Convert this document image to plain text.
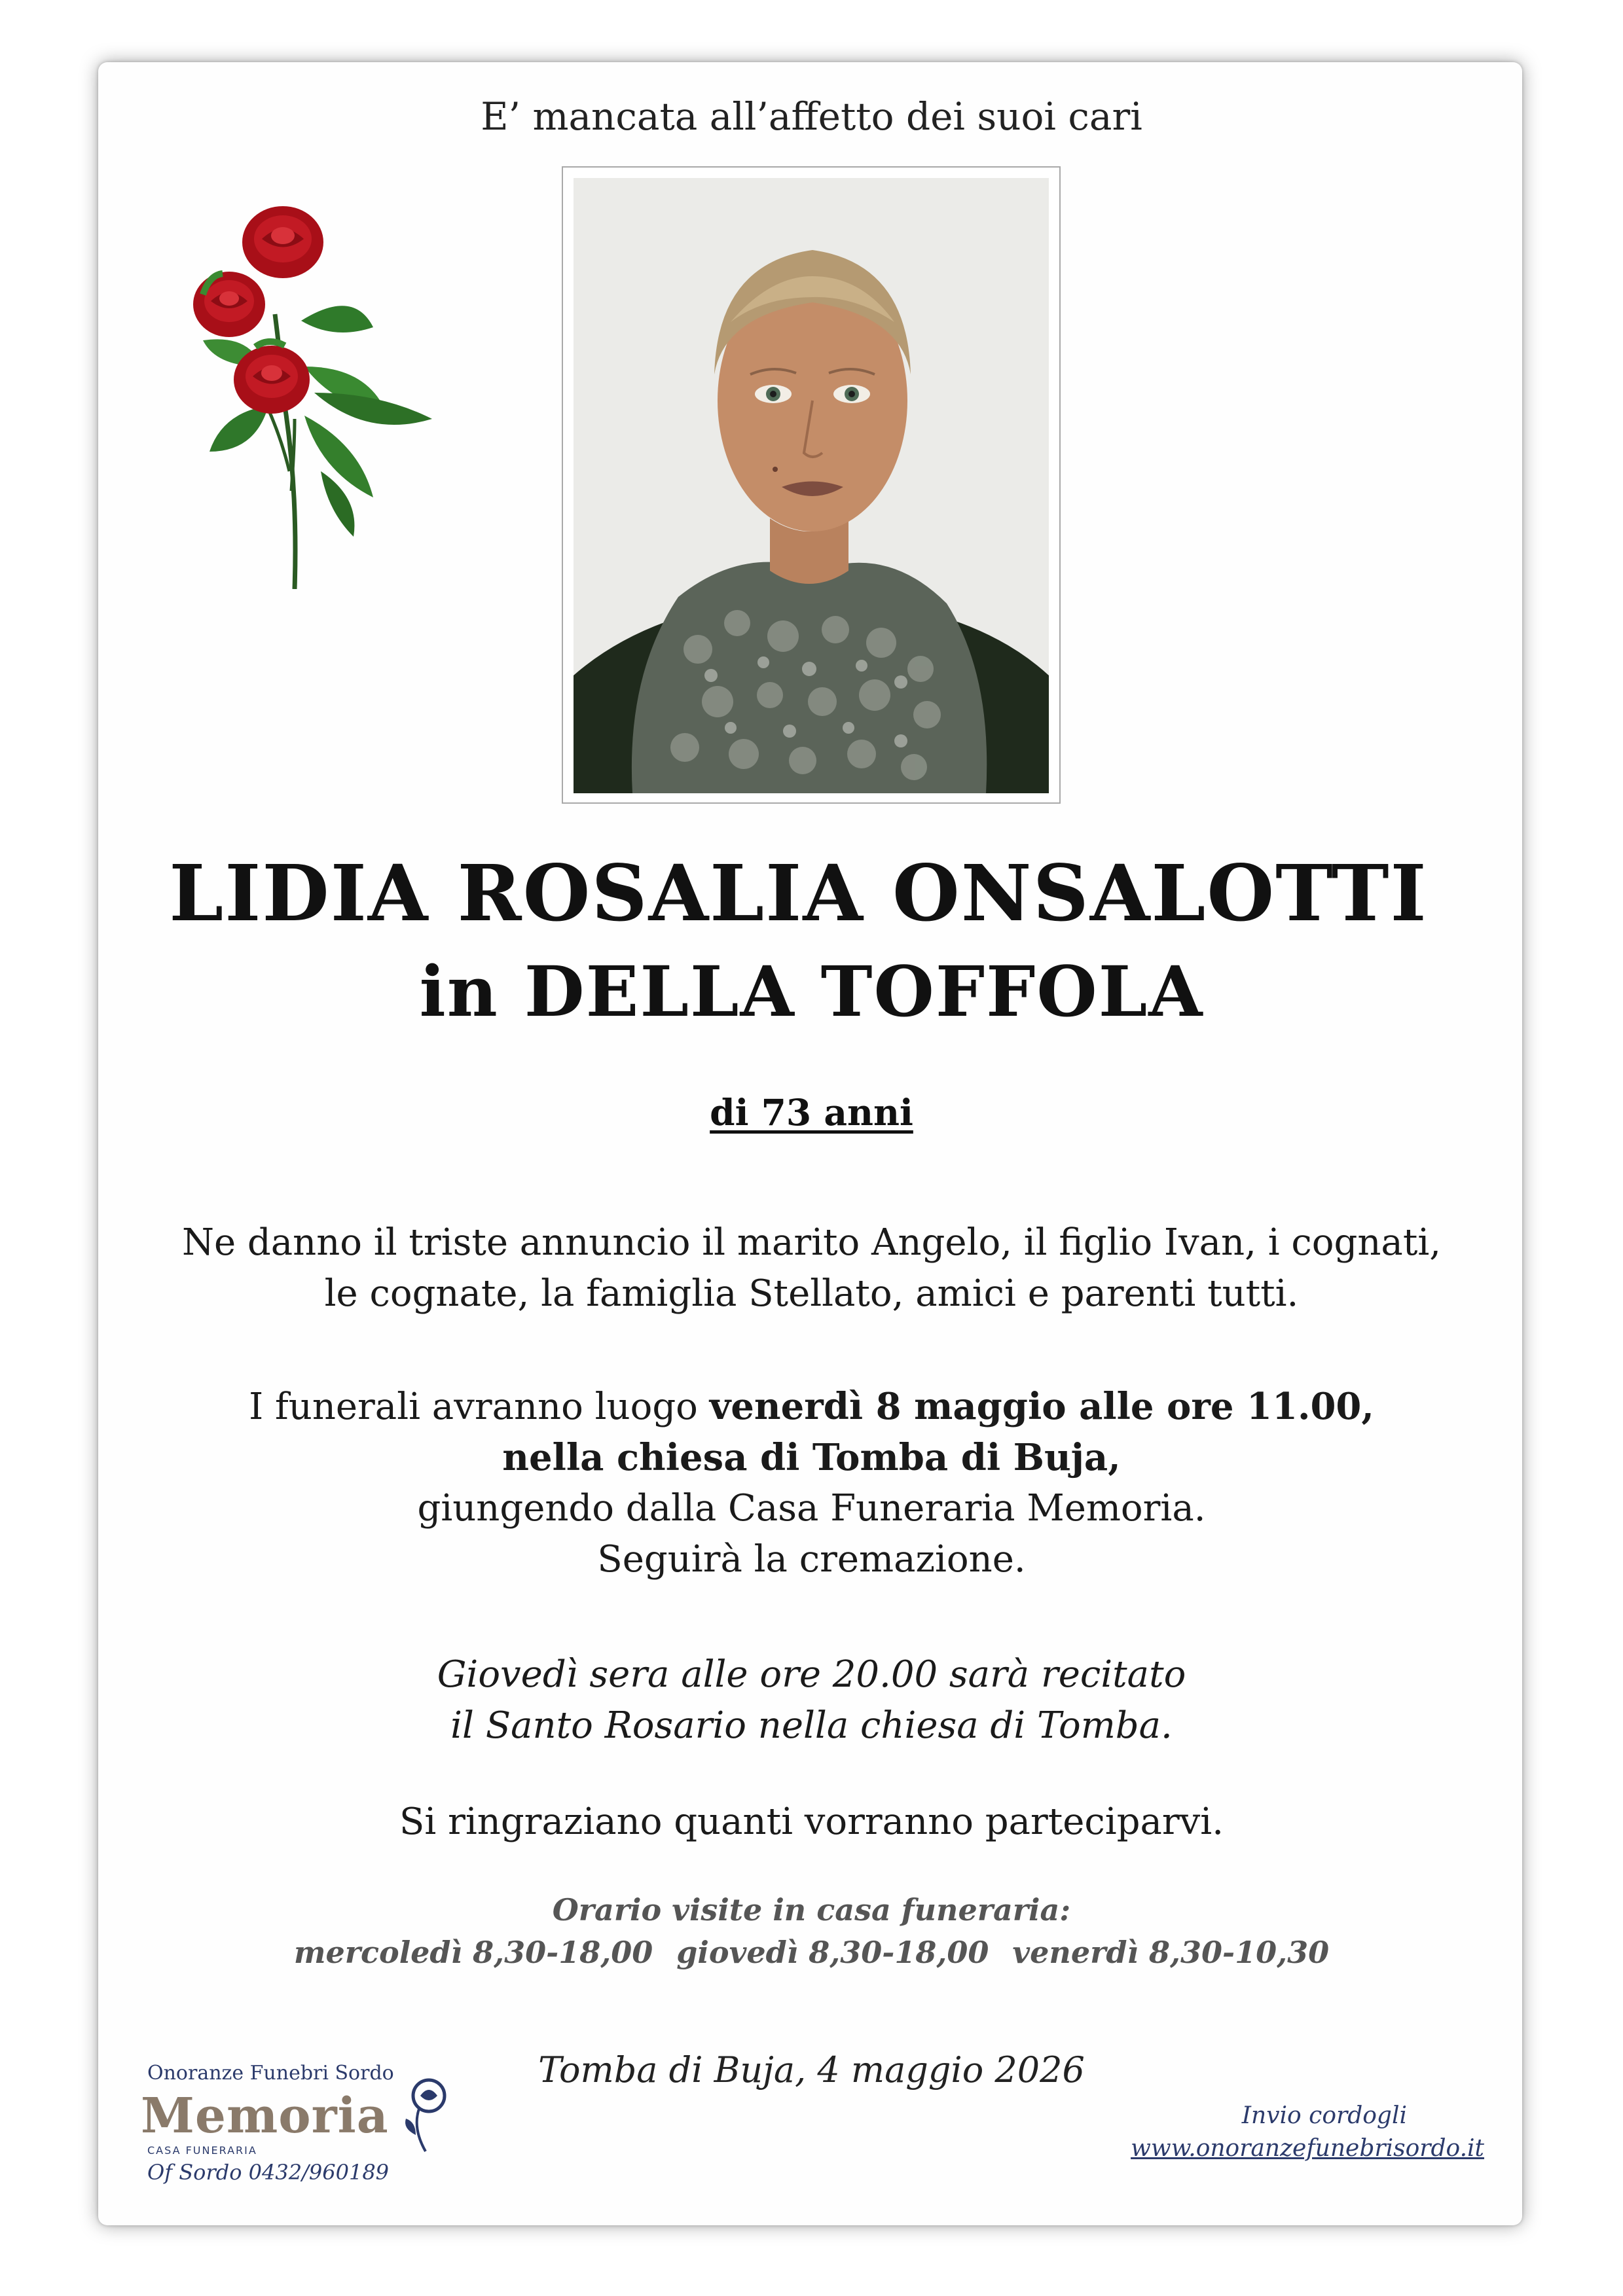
E’ mancata all’affetto dei suoi cari
LIDIA ROSALIA ONSALOTTI
in DELLA TOFFOLA
di 73 anni
Ne danno il triste annuncio il marito Angelo, il figlio Ivan, i cognati,
le cognate, la famiglia Stellato, amici e parenti tutti.
I funerali avranno luogo venerdì 8 maggio alle ore 11.00,
nella chiesa di Tomba di Buja,
giungendo dalla Casa Funeraria Memoria.
Seguirà la cremazione.
Giovedì sera alle ore 20.00 sarà recitato
il Santo Rosario nella chiesa di Tomba.
Si ringraziano quanti vorranno parteciparvi.
Orario visite in casa funeraria:
mercoledì 8,30-18,00 giovedì 8,30-18,00 venerdì 8,30-10,30
Tomba di Buja, 4 maggio 2026
Onoranze Funebri Sordo
Memoria
CASA FUNERARIA
Of Sordo 0432/960189
Invio cordogli
www.onoranzefunebrisordo.it
